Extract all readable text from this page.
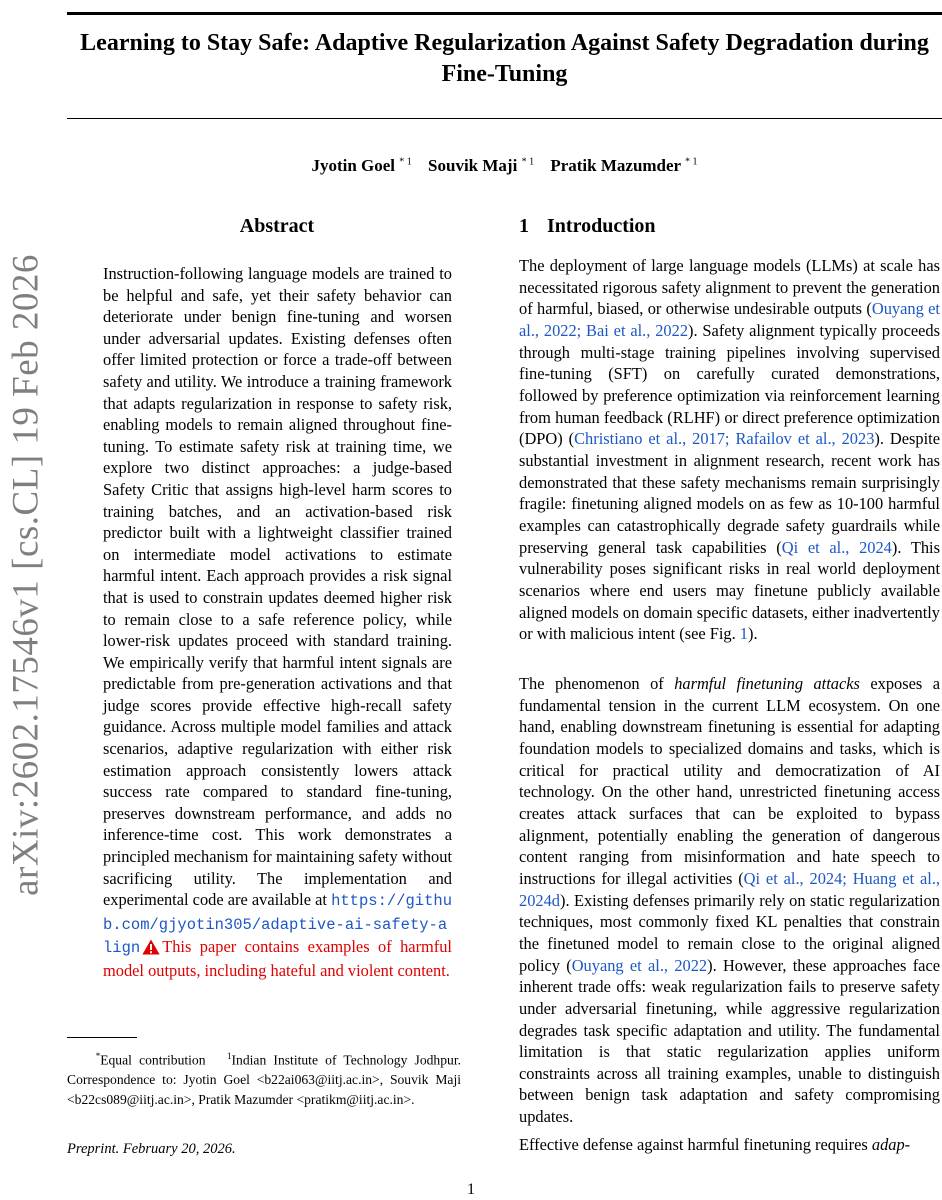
arXiv:2602.17546v1 [cs.CL] 19 Feb 2026
Learning to Stay Safe: Adaptive Regularization Against Safety Degradation during Fine-Tuning
Jyotin Goel $^{* 1}$ Souvik Maji $^{* 1}$ Pratik Mazumder $^{* 1}$
Abstract

Instruction-following language models are trained to be helpful and safe, yet their safety behavior can deteriorate under benign fine-tuning and worsen under adversarial updates. Existing defenses often offer limited protection or force a trade-off between safety and utility. We introduce a training framework that adapts regularization in response to safety risk, enabling models to remain aligned throughout fine-tuning. To estimate safety risk at training time, we explore two distinct approaches: a judge-based Safety Critic that assigns high-level harm scores to training batches, and an activation-based risk predictor built with a lightweight classifier trained on intermediate model activations to estimate harmful intent. Each approach provides a risk signal that is used to constrain updates deemed higher risk to remain close to a safe reference policy, while lower-risk updates proceed with standard training. We empirically verify that harmful intent signals are predictable from pre-generation activations and that judge scores provide effective high-recall safety guidance. Across multiple model families and attack scenarios, adaptive regularization with either risk estimation approach consistently lowers attack success rate compared to standard fine-tuning, preserves downstream performance, and adds no inference-time cost. This work demonstrates a principled mechanism for maintaining safety without sacrificing utility. The implementation and experimental code are available at https://github.com/gjyotin305/adaptive-ai-safety-align This paper contains examples of harmful model outputs, including hateful and violent content.

*Equal contribution $^1$Indian Institute of Technology Jodhpur. Correspondence to: Jyotin Goel <b22ai063@iitj.ac.in>, Souvik Maji <b22cs089@iitj.ac.in>, Pratik Mazumder <pratikm@iitj.ac.in>.

Preprint. February 20, 2026.

1 Introduction

The deployment of large language models (LLMs) at scale has necessitated rigorous safety alignment to prevent the generation of harmful, biased, or otherwise undesirable outputs (Ouyang et al., 2022; Bai et al., 2022). Safety alignment typically proceeds through multi-stage training pipelines involving supervised fine-tuning (SFT) on carefully curated demonstrations, followed by preference optimization via reinforcement learning from human feedback (RLHF) or direct preference optimization (DPO) (Christiano et al., 2017; Rafailov et al., 2023). Despite substantial investment in alignment research, recent work has demonstrated that these safety mechanisms remain surprisingly fragile: finetuning aligned models on as few as 10-100 harmful examples can catastrophically degrade safety guardrails while preserving general task capabilities (Qi et al., 2024). This vulnerability poses significant risks in real world deployment scenarios where end users may finetune publicly available aligned models on domain specific datasets, either inadvertently or with malicious intent (see Fig. 1).

The phenomenon of harmful finetuning attacks exposes a fundamental tension in the current LLM ecosystem. On one hand, enabling downstream finetuning is essential for adapting foundation models to specialized domains and tasks, which is critical for practical utility and democratization of AI technology. On the other hand, unrestricted finetuning access creates attack surfaces that can be exploited to bypass alignment, potentially enabling the generation of dangerous content ranging from misinformation and hate speech to instructions for illegal activities (Qi et al., 2024; Huang et al., 2024d). Existing defenses primarily rely on static regularization techniques, most commonly fixed KL penalties that constrain the finetuned model to remain close to the original aligned policy (Ouyang et al., 2022). However, these approaches face inherent trade offs: weak regularization fails to preserve safety under adversarial finetuning, while aggressive regularization degrades task specific adaptation and utility. The fundamental limitation is that static regularization applies uniform constraints across all training examples, unable to distinguish between benign task adaptation and safety compromising updates.

Effective defense against harmful finetuning requires adap-

1
